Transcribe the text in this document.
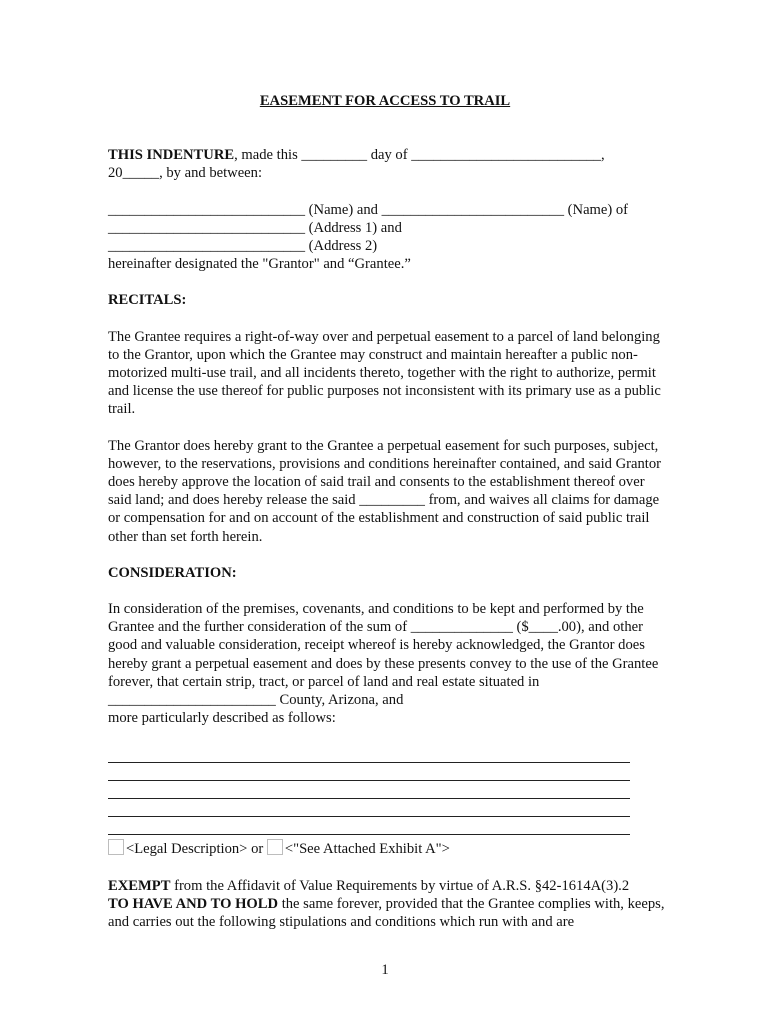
EASEMENT FOR ACCESS TO TRAIL

THIS INDENTURE, made this _________ day of __________________________,
20_____, by and between:

___________________________ (Name) and _________________________ (Name) of
___________________________ (Address 1) and
___________________________ (Address 2)
hereinafter designated the "Grantor" and “Grantee.”

RECITALS:

The Grantee requires a right-of-way over and perpetual easement to a parcel of land belonging to the Grantor, upon which the Grantee may construct and maintain hereafter a public non-motorized multi-use trail, and all incidents thereto, together with the right to authorize, permit and license the use thereof for public purposes not inconsistent with its primary use as a public trail.

The Grantor does hereby grant to the Grantee a perpetual easement for such purposes, subject, however, to the reservations, provisions and conditions hereinafter contained, and said Grantor does hereby approve the location of said trail and consents to the establishment thereof over said land; and does hereby release the said _________ from, and waives all claims for damage or compensation for and on account of the establishment and construction of said public trail other than set forth herein.

CONSIDERATION:

In consideration of the premises, covenants, and conditions to be kept and performed by the Grantee and the further consideration of the sum of ______________ ($____.00), and other good and valuable consideration, receipt whereof is hereby acknowledged, the Grantor does hereby grant a perpetual easement and does by these presents convey to the use of the Grantee forever, that certain strip, tract, or parcel of land and real estate situated in _______________________ County, Arizona, and
more particularly described as follows:

<Legal Description> or <"See Attached Exhibit A">

EXEMPT from the Affidavit of Value Requirements by virtue of A.R.S. §42-1614A(3).2

TO HAVE AND TO HOLD the same forever, provided that the Grantee complies with, keeps, and carries out the following stipulations and conditions which run with and are

1
